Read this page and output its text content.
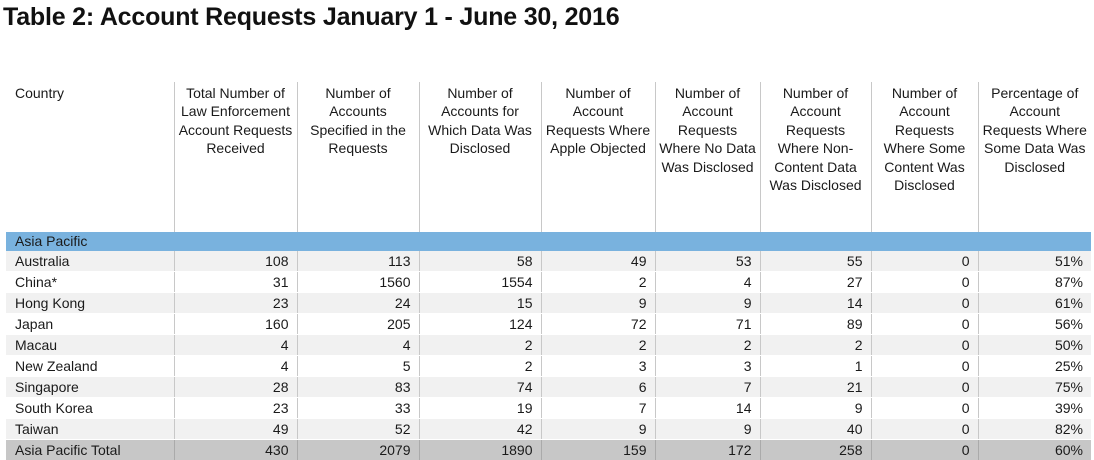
Table 2: Account Requests January 1 - June 30, 2016
Country	Total Number of Law Enforcement Account Requests Received	Number of Accounts Specified in the Requests	Number of Accounts for Which Data Was Disclosed	Number of Account Requests Where Apple Objected	Number of Account Requests Where No Data Was Disclosed	Number of Account Requests Where Non-Content Data Was Disclosed	Number of Account Requests Where Some Content Was Disclosed	Percentage of Account Requests Where Some Data Was Disclosed
Asia Pacific								
Australia	108	113	58	49	53	55	0	51%
China*	31	1560	1554	2	4	27	0	87%
Hong Kong	23	24	15	9	9	14	0	61%
Japan	160	205	124	72	71	89	0	56%
Macau	4	4	2	2	2	2	0	50%
New Zealand	4	5	2	3	3	1	0	25%
Singapore	28	83	74	6	7	21	0	75%
South Korea	23	33	19	7	14	9	0	39%
Taiwan	49	52	42	9	9	40	0	82%
Asia Pacific Total	430	2079	1890	159	172	258	0	60%
